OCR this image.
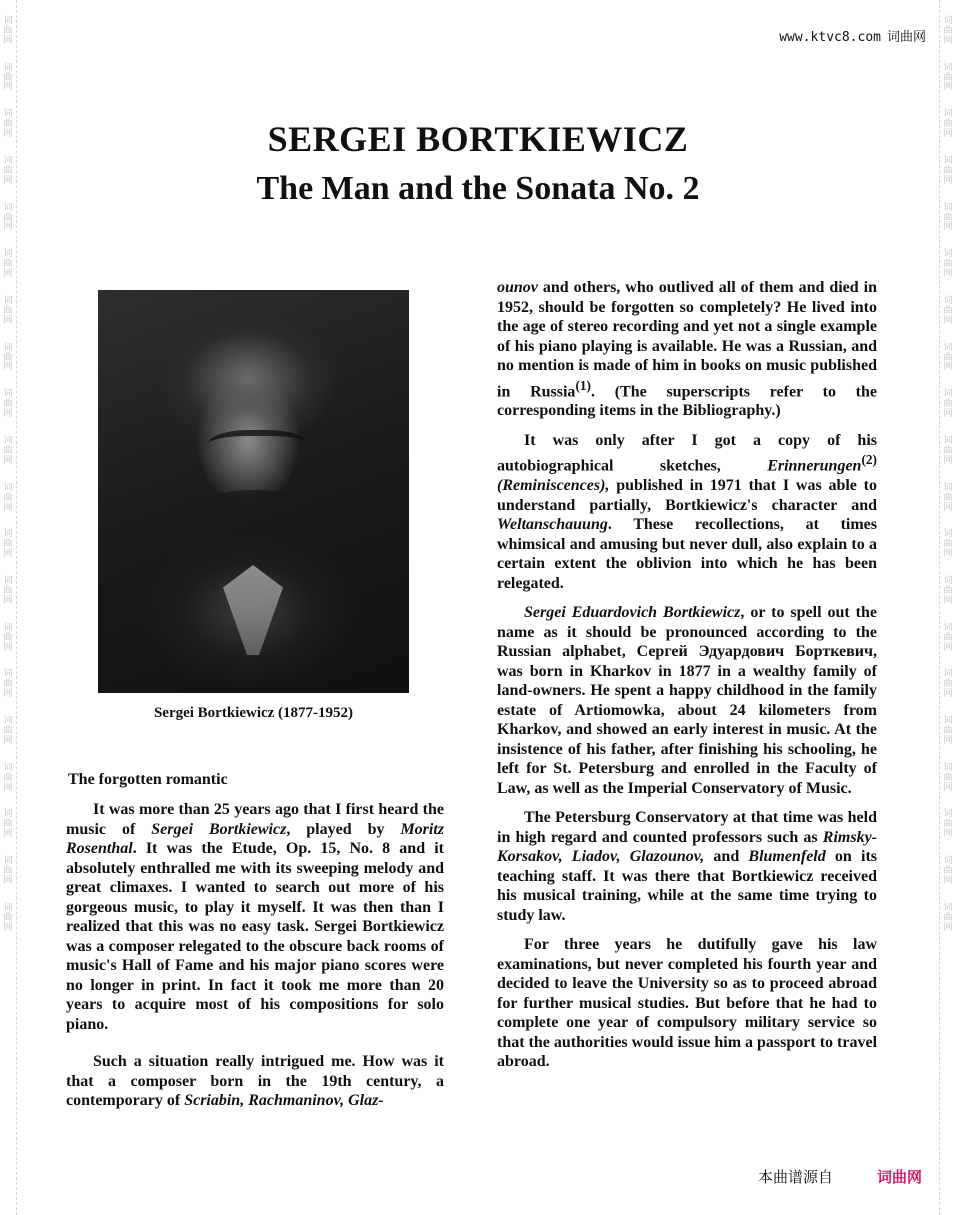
词
曲
网
词
曲
网
词
曲
网
词
曲
网
词
曲
网
词
曲
网
词
曲
网
词
曲
网
词
曲
网
词
曲
网
词
曲
网
词
曲
网
词
曲
网
词
曲
网
词
曲
网
词
曲
网
词
曲
网
词
曲
网
词
曲
网
词
曲
网
词
曲
网
词
曲
网
词
曲
网
词
曲
网
词
曲
网
词
曲
网
词
曲
网
词
曲
网
词
曲
网
词
曲
网
词
曲
网
词
曲
网
词
曲
网
词
曲
网
词
曲
网
词
曲
网
词
曲
网
词
曲
网
词
曲
网
词
曲
网
www.ktvc8.com 词曲网
SERGEI BORTKIEWICZ
The Man and the Sonata No. 2
Sergei Bortkiewicz (1877-1952)
The forgotten romantic

It was more than 25 years ago that I first heard the music of Sergei Bortkiewicz, played by Moritz Rosenthal. It was the Etude, Op. 15, No. 8 and it absolutely enthralled me with its sweeping melody and great climaxes. I wanted to search out more of his gorgeous music, to play it myself. It was then than I realized that this was no easy task. Sergei Bortkiewicz was a composer relegated to the obscure back rooms of music's Hall of Fame and his major piano scores were no longer in print. In fact it took me more than 20 years to acquire most of his compositions for solo piano.

Such a situation really intrigued me. How was it that a composer born in the 19th century, a contemporary of Scriabin, Rachmaninov, Glaz-

ounov and others, who outlived all of them and died in 1952, should be forgotten so completely? He lived into the age of stereo recording and yet not a single example of his piano playing is available. He was a Russian, and no mention is made of him in books on music published in Russia$^{(1)}$. (The superscripts refer to the corresponding items in the Bibliography.)

It was only after I got a copy of his autobiographical sketches, Erinnerungen$^{(2)}$ (Reminiscences), published in 1971 that I was able to understand partially, Bortkiewicz's character and Weltanschauung. These recollections, at times whimsical and amusing but never dull, also explain to a certain extent the oblivion into which he has been relegated.

Sergei Eduardovich Bortkiewicz, or to spell out the name as it should be pronounced according to the Russian alphabet, Сергей Эдуардович Борткевич, was born in Kharkov in 1877 in a wealthy family of land-owners. He spent a happy childhood in the family estate of Artiomowka, about 24 kilometers from Kharkov, and showed an early interest in music. At the insistence of his father, after finishing his schooling, he left for St. Petersburg and enrolled in the Faculty of Law, as well as the Imperial Conservatory of Music.

The Petersburg Conservatory at that time was held in high regard and counted professors such as Rimsky-Korsakov, Liadov, Glazounov, and Blumenfeld on its teaching staff. It was there that Bortkiewicz received his musical training, while at the same time trying to study law.

For three years he dutifully gave his law examinations, but never completed his fourth year and decided to leave the University so as to proceed abroad for further musical studies. But before that he had to complete one year of compulsory military service so that the authorities would issue him a passport to travel abroad.

本曲谱源自	词曲网
